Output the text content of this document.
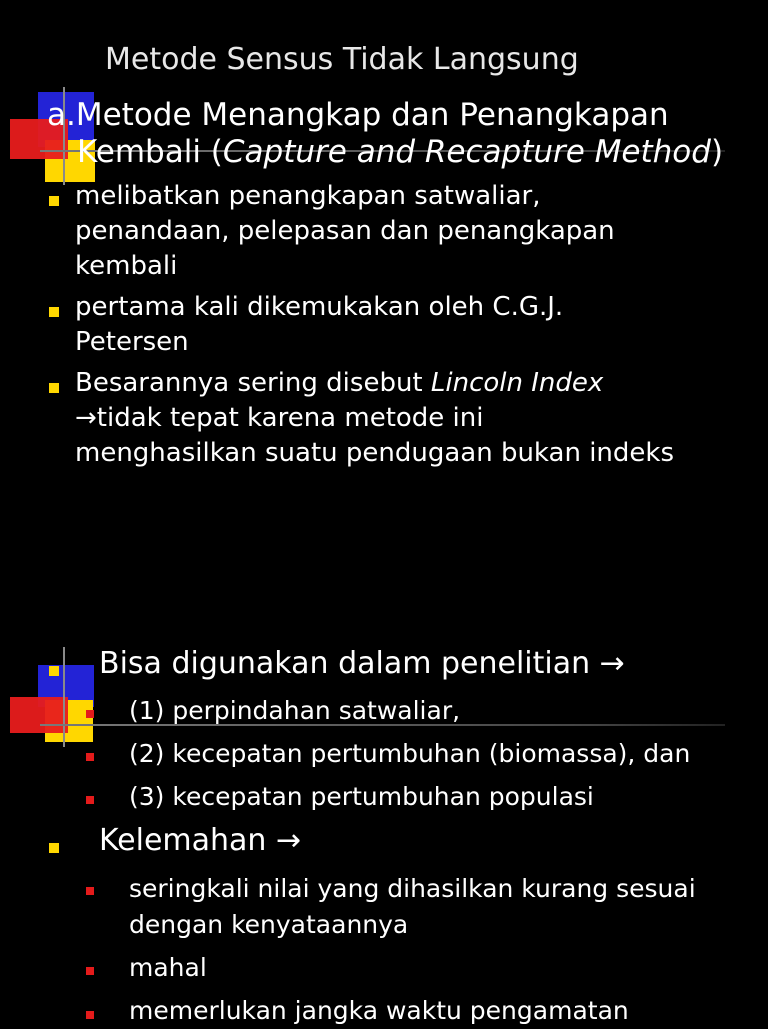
Metode Sensus Tidak Langsung
a.Metode Menangkap dan Penangkapan
Kembali (Capture and Recapture Method)
melibatkan penangkapan satwaliar,
penandaan, pelepasan dan penangkapan
kembali
pertama kali dikemukakan oleh C.G.J.
Petersen
Besarannya sering disebut Lincoln Index
→tidak tepat karena metode ini
menghasilkan suatu pendugaan bukan indeks
Bisa digunakan dalam penelitian →
(1) perpindahan satwaliar,
(2) kecepatan pertumbuhan (biomassa), dan
(3) kecepatan pertumbuhan populasi
Kelemahan →
seringkali nilai yang dihasilkan kurang sesuai
dengan kenyataannya
mahal
memerlukan jangka waktu pengamatan
